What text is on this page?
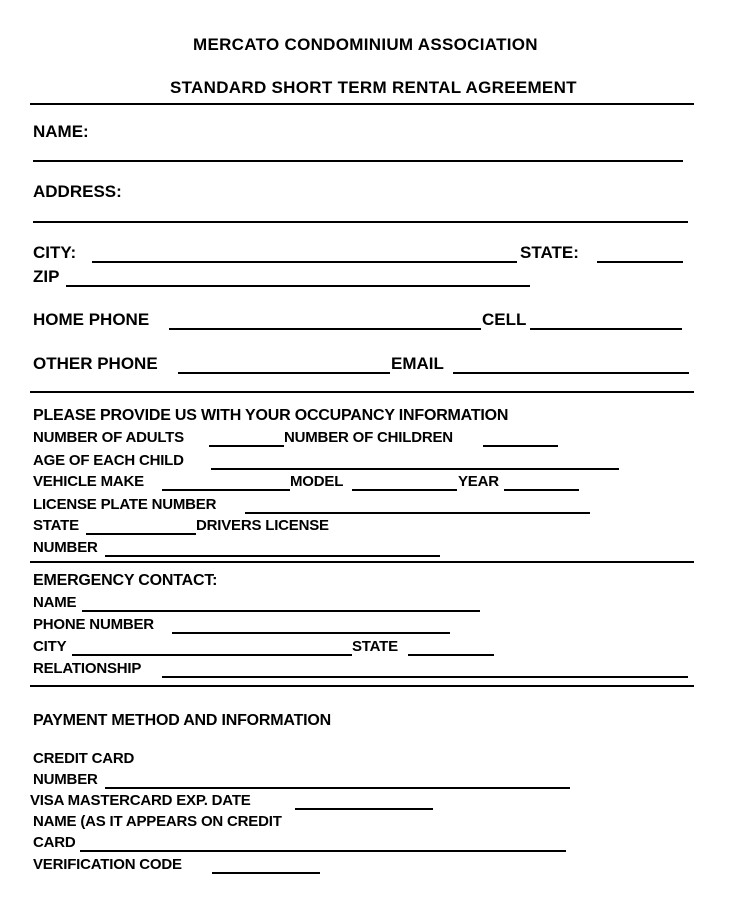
MERCATO CONDOMINIUM ASSOCIATION
STANDARD SHORT TERM RENTAL AGREEMENT
NAME:
ADDRESS:
CITY:	STATE:
ZIP
HOME PHONE	CELL
OTHER PHONE	EMAIL
PLEASE PROVIDE US WITH YOUR OCCUPANCY INFORMATION
NUMBER OF ADULTS	NUMBER OF CHILDREN
AGE OF EACH CHILD
VEHICLE MAKE	MODEL	YEAR
LICENSE PLATE NUMBER
STATE	DRIVERS LICENSE
NUMBER
EMERGENCY CONTACT:
NAME
PHONE NUMBER
CITY	STATE
RELATIONSHIP
PAYMENT METHOD AND INFORMATION
CREDIT CARD
NUMBER
VISA MASTERCARD EXP. DATE
NAME (AS IT APPEARS ON CREDIT
CARD
VERIFICATION CODE
